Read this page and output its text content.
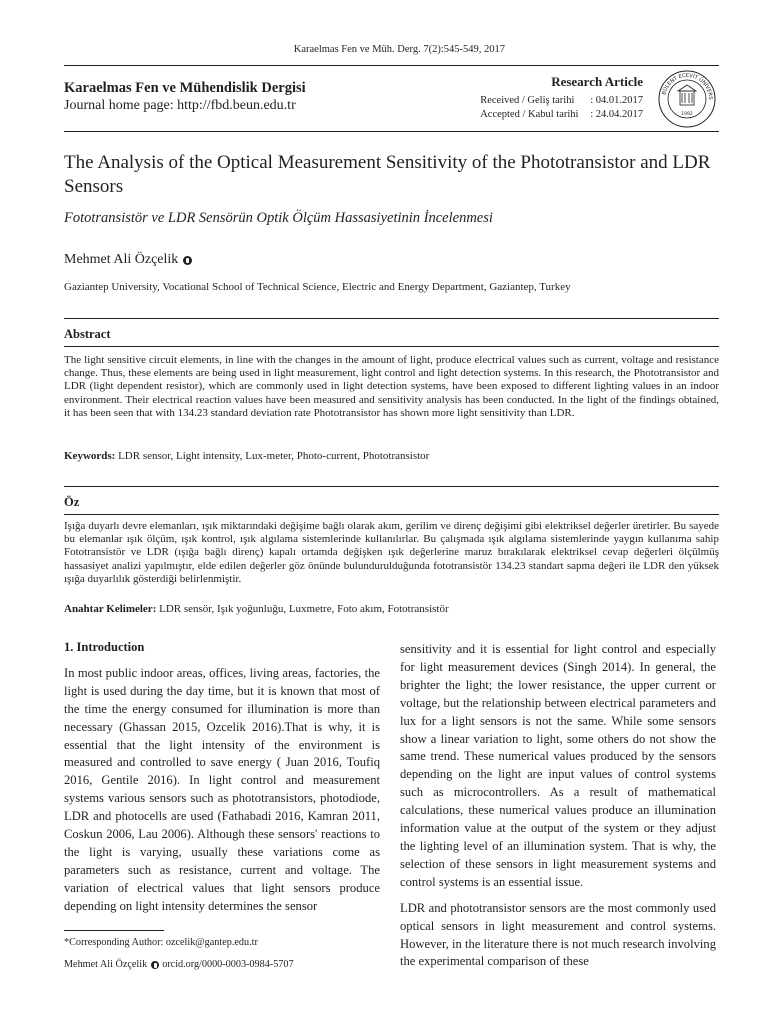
Karaelmas Fen ve Müh. Derg. 7(2):545-549, 2017
Karaelmas Fen ve Mühendislik Dergisi
Journal home page: http://fbd.beun.edu.tr
Research Article
Received / Geliş tarihi	: 04.01.2017
Accepted / Kabul tarihi	: 24.04.2017
BÜLENT ECEVİT ÜNİVERS
1992
The Analysis of the Optical Measurement Sensitivity of the Phototransistor and LDR Sensors
Fototransistör ve LDR Sensörün Optik Ölçüm Hassasiyetinin İncelenmesi
Mehmet Ali Özçelik
Gaziantep University, Vocational School of Technical Science, Electric and Energy Department, Gaziantep, Turkey
Abstract
The light sensitive circuit elements, in line with the changes in the amount of light, produce electrical values such as current, voltage and resistance change. Thus, these elements are being used in light measurement, light control and light detection systems. In this research, the Phototransistor and LDR (light dependent resistor), which are commonly used in light detection systems, have been exposed to different lighting values in an indoor environment. Their electrical reaction values have been measured and sensitivity analysis has been conducted. In the light of the findings obtained, it has been seen that with 134.23 standard deviation rate Phototransistor has shown more light sensitivity than LDR.
Keywords: LDR sensor, Light intensity, Lux-meter, Photo-current, Phototransistor
Öz
Işığa duyarlı devre elemanları, ışık miktarındaki değişime bağlı olarak akım, gerilim ve direnç değişimi gibi elektriksel değerler üretirler. Bu sayede bu elemanlar ışık ölçüm, ışık kontrol, ışık algılama sistemlerinde kullanılırlar. Bu çalışmada ışık algılama sistemlerinde yaygın kullanıma sahip Fototransistör ve LDR (ışığa bağlı direnç) kapalı ortamda değişken ışık değerlerine maruz bırakılarak elektriksel cevap değerleri ölçülmüş hassasiyet analizi yapılmıştır, elde edilen değerler göz önünde bulundurulduğunda fototransistör 134.23 standart sapma değeri ile LDR den yüksek ışığa duyarlılık gösterdiği belirlenmiştir.
Anahtar Kelimeler: LDR sensör, Işık yoğunluğu, Luxmetre, Foto akım, Fototransistör
1. Introduction

In most public indoor areas, offices, living areas, factories, the light is used during the day time, but it is known that most of the time the energy consumed for illumination is more than necessary (Ghassan 2015, Ozcelik 2016).That is why, it is essential that the light intensity of the environment is measured and controlled to save energy ( Juan 2016, Toufiq 2016, Gentile 2016). In light control and measurement systems various sensors such as phototransistors, photodiode, LDR and photocells are used (Fathabadi 2016, Kamran 2011, Coskun 2006, Lau 2006). Although these sensors' reactions to the light is varying, usually these variations come as parameters such as resistance, current and voltage. The variation of electrical values that light sensors produce depending on light intensity determines the sensor

sensitivity and it is essential for light control and especially for light measurement devices (Singh 2014). In general, the brighter the light; the lower resistance, the upper current or voltage, but the relationship between electrical parameters and lux for a light sensors is not the same. While some sensors show a linear variation to light, some others do not show the same trend. These numerical values produced by the sensors depending on the light are input values of control systems such as microcontrollers. As a result of mathematical calculations, these numerical values produce an illumination information value at the output of the system or they adjust the lighting level of an illumination system. That is why, the selection of these sensors in light measurement systems and control systems is an essential issue.

LDR and phototransistor sensors are the most commonly used optical sensors in light measurement and control systems. However, in the literature there is not much research involving the experimental comparison of these

*Corresponding Author: ozcelik@gantep.edu.tr
Mehmet Ali Özçelik orcid.org/0000-0003-0984-5707
